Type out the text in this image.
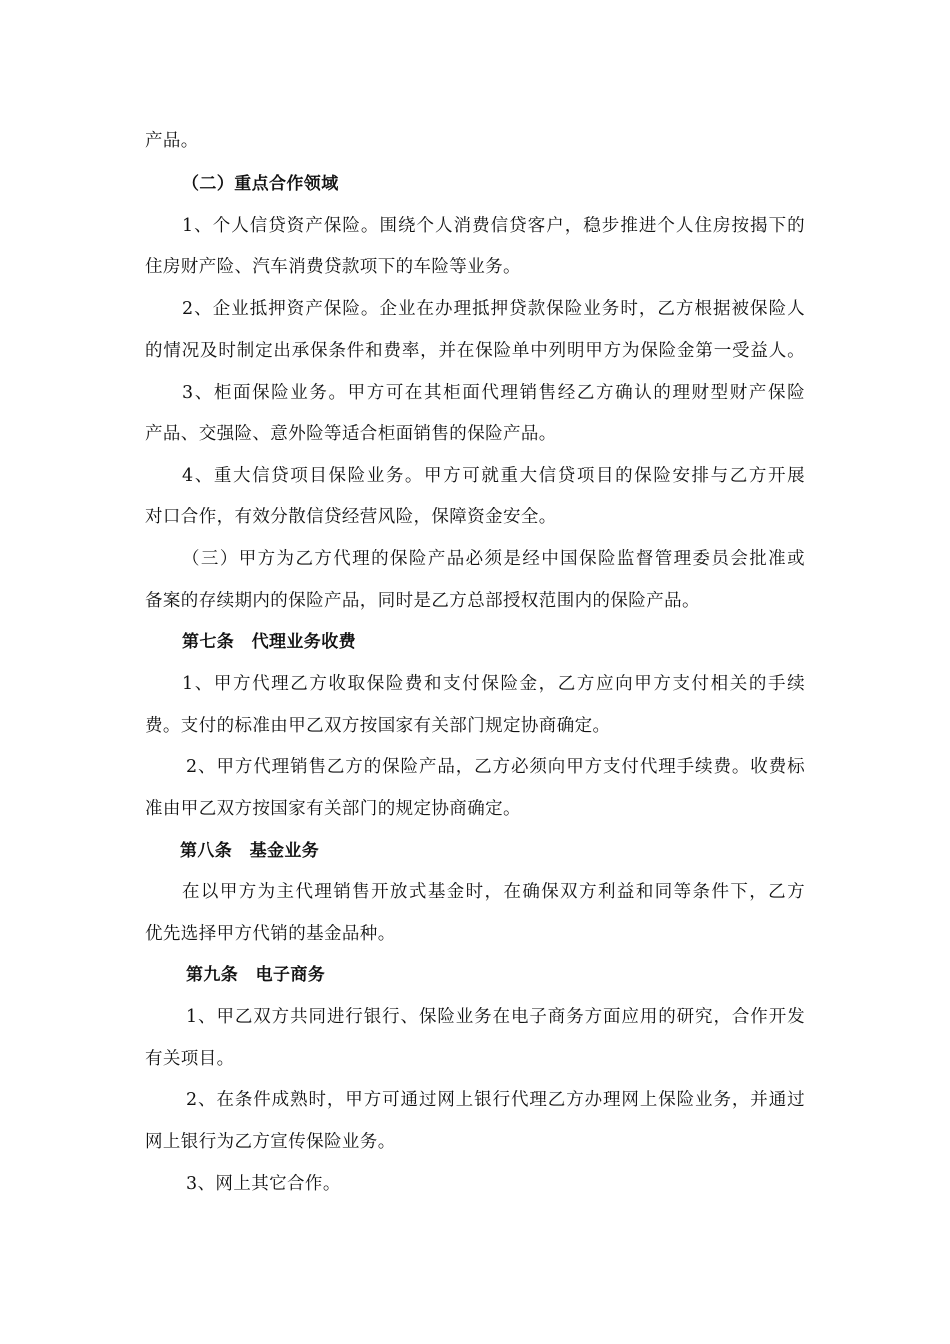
产品。
（二）重点合作领域
1、个人信贷资产保险。围绕个人消费信贷客户，稳步推进个人住房按揭下的
住房财产险、汽车消费贷款项下的车险等业务。
2、企业抵押资产保险。企业在办理抵押贷款保险业务时，乙方根据被保险人
的情况及时制定出承保条件和费率，并在保险单中列明甲方为保险金第一受益人。
3、柜面保险业务。甲方可在其柜面代理销售经乙方确认的理财型财产保险
产品、交强险、意外险等适合柜面销售的保险产品。
4、重大信贷项目保险业务。甲方可就重大信贷项目的保险安排与乙方开展
对口合作，有效分散信贷经营风险，保障资金安全。
（三）甲方为乙方代理的保险产品必须是经中国保险监督管理委员会批准或
备案的存续期内的保险产品，同时是乙方总部授权范围内的保险产品。
第七条　代理业务收费
1、甲方代理乙方收取保险费和支付保险金，乙方应向甲方支付相关的手续
费。支付的标准由甲乙双方按国家有关部门规定协商确定。
2、甲方代理销售乙方的保险产品，乙方必须向甲方支付代理手续费。收费标
准由甲乙双方按国家有关部门的规定协商确定。
第八条　基金业务
在以甲方为主代理销售开放式基金时，在确保双方利益和同等条件下，乙方
优先选择甲方代销的基金品种。
第九条　电子商务
1、甲乙双方共同进行银行、保险业务在电子商务方面应用的研究，合作开发
有关项目。
2、在条件成熟时，甲方可通过网上银行代理乙方办理网上保险业务，并通过
网上银行为乙方宣传保险业务。
3、网上其它合作。
